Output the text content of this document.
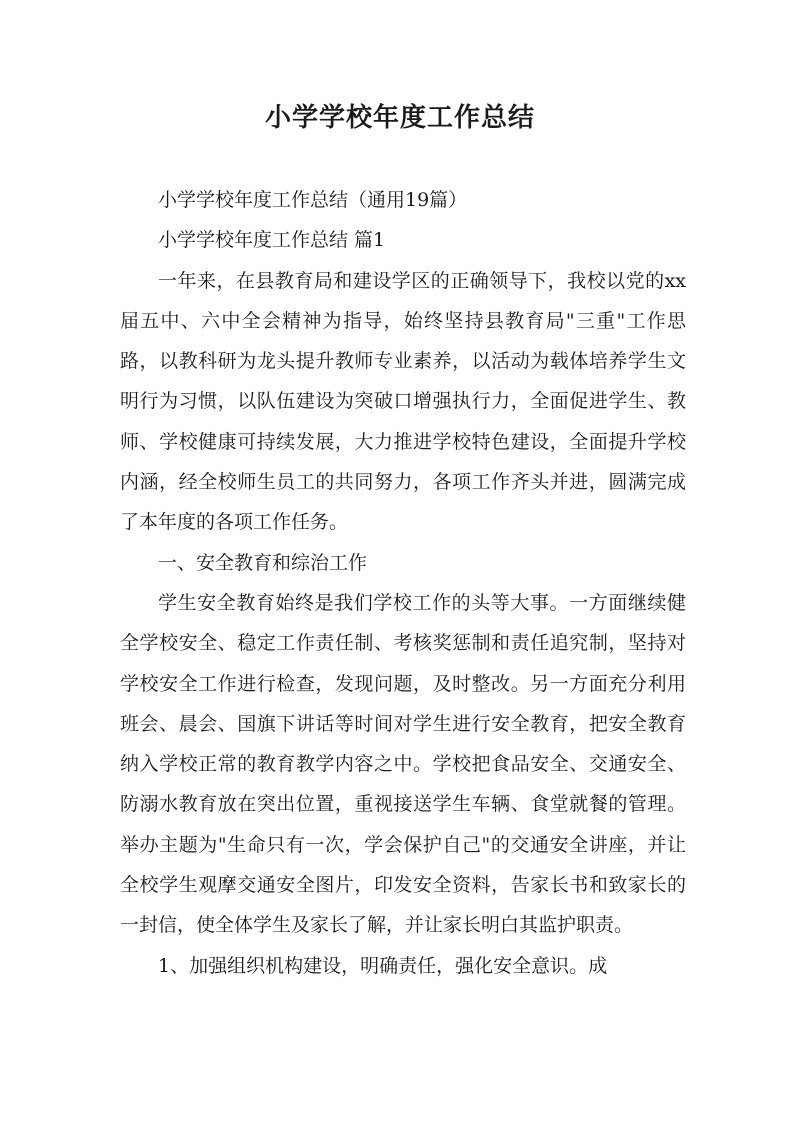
小学学校年度工作总结

小学学校年度工作总结（通用19篇）

小学学校年度工作总结 篇1

一年来，在县教育局和建设学区的正确领导下，我校以党的xx届五中、六中全会精神为指导，始终坚持县教育局"三重"工作思路，以教科研为龙头提升教师专业素养，以活动为载体培养学生文明行为习惯，以队伍建设为突破口增强执行力，全面促进学生、教师、学校健康可持续发展，大力推进学校特色建设，全面提升学校内涵，经全校师生员工的共同努力，各项工作齐头并进，圆满完成了本年度的各项工作任务。

一、安全教育和综治工作

学生安全教育始终是我们学校工作的头等大事。一方面继续健全学校安全、稳定工作责任制、考核奖惩制和责任追究制，坚持对学校安全工作进行检查，发现问题，及时整改。另一方面充分利用班会、晨会、国旗下讲话等时间对学生进行安全教育，把安全教育纳入学校正常的教育教学内容之中。学校把食品安全、交通安全、防溺水教育放在突出位置，重视接送学生车辆、食堂就餐的管理。举办主题为"生命只有一次，学会保护自己"的交通安全讲座，并让全校学生观摩交通安全图片，印发安全资料，告家长书和致家长的一封信，使全体学生及家长了解，并让家长明白其监护职责。

1、加强组织机构建设，明确责任，强化安全意识。成
